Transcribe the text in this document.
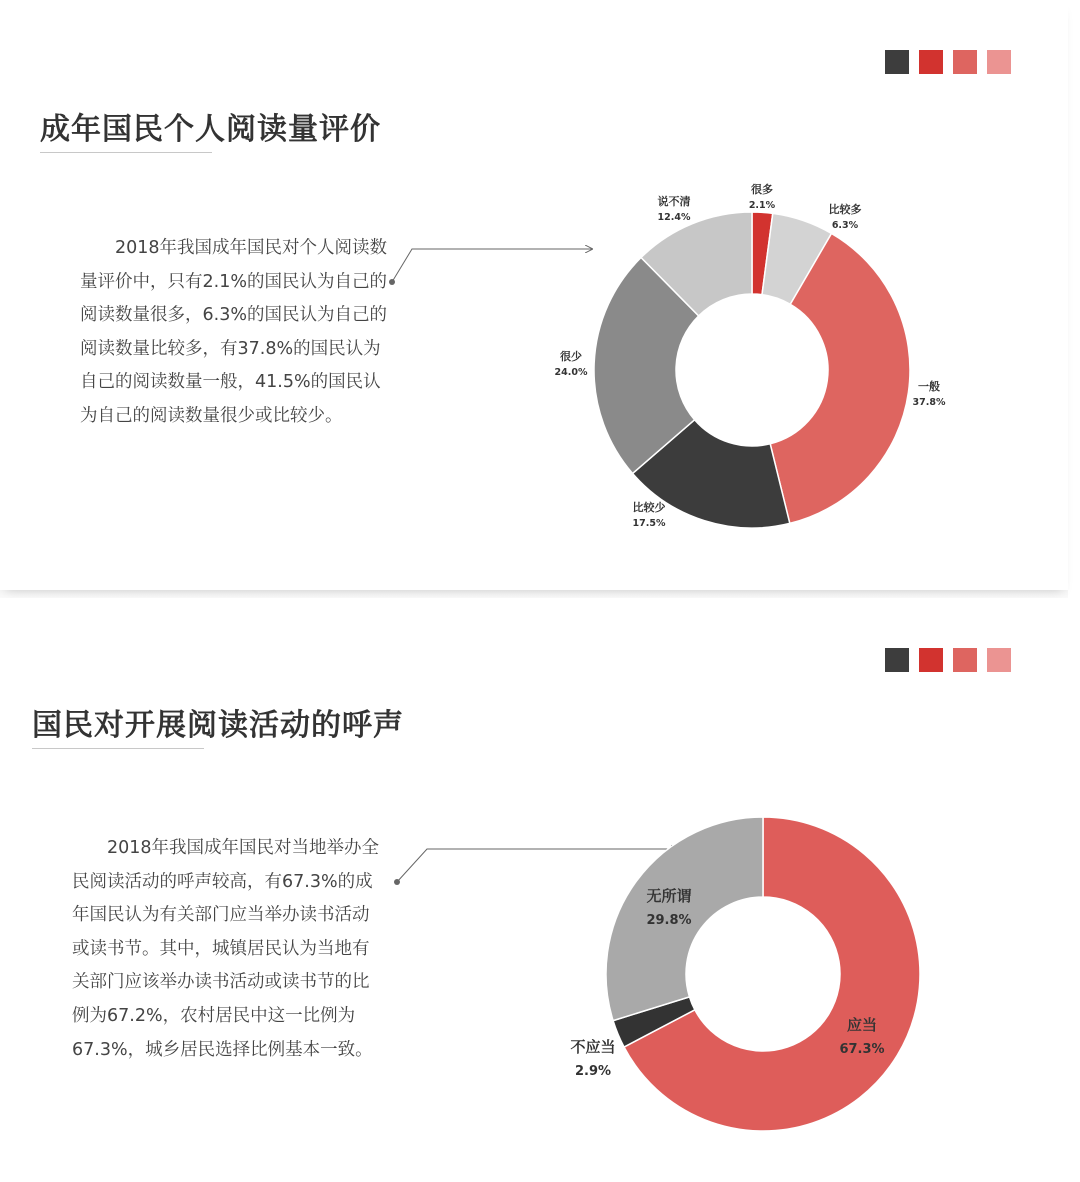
成年国民个人阅读量评价

2018年我国成年国民对个人阅读数量评价中，只有2.1%的国民认为自己的阅读数量很多，6.3%的国民认为自己的阅读数量比较多，有37.8%的国民认为自己的阅读数量一般，41.5%的国民认为自己的阅读数量很少或比较少。

很多
2.1%	比较多
6.3%
一般
37.8%
比较少
17.5%
很少
24.0%
说不清
12.4%
国民对开展阅读活动的呼声

2018年我国成年国民对当地举办全民阅读活动的呼声较高，有67.3%的成年国民认为有关部门应当举办读书活动或读书节。其中，城镇居民认为当地有关部门应该举办读书活动或读书节的比例为67.2%，农村居民中这一比例为67.3%，城乡居民选择比例基本一致。

应当
67.3%
不应当
2.9%
无所谓
29.8%
